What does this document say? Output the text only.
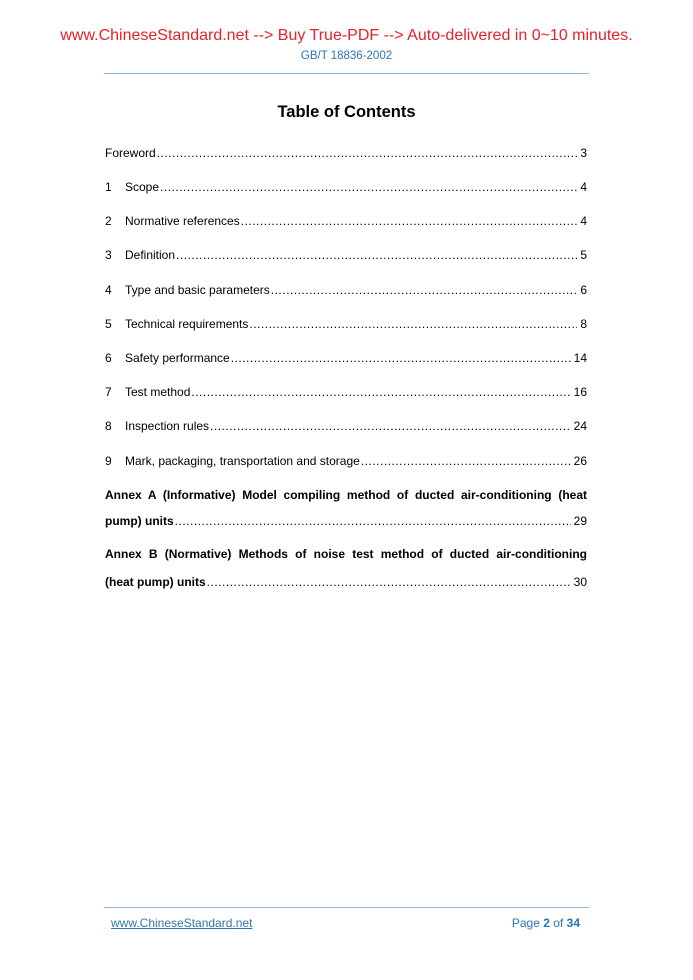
www.ChineseStandard.net --> Buy True-PDF --> Auto-delivered in 0~10 minutes.
GB/T 18836-2002
Table of Contents
Foreword .....	3
1	Scope .....	4
2	Normative references .....	4
3	Definition .....	5
4	Type and basic parameters .....	6
5	Technical requirements .....	8
6	Safety performance .....	14
7	Test method .....	16
8	Inspection rules .....	24
9	Mark, packaging, transportation and storage .....	26
Annex A (Informative) Model compiling method of ducted air-conditioning (heat
pump) units .....	29
Annex B (Normative) Methods of noise test method of ducted air-conditioning
(heat pump) units .....	30
www.ChineseStandard.net	Page 2 of 34
